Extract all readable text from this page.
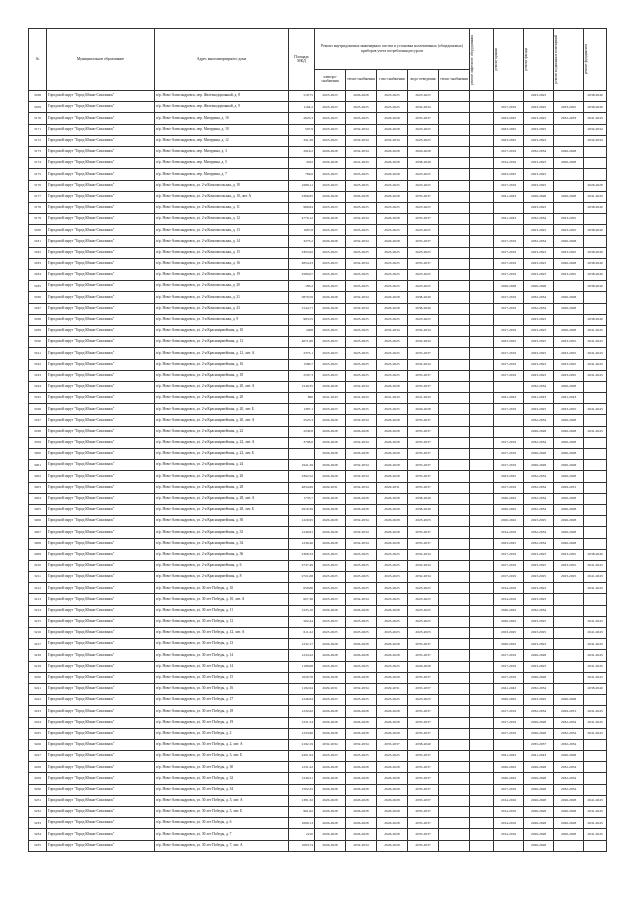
№	Муниципальное образование	Адрес многоквартирного дома	Площадь МКД	Ремонт внутридомовых инженерных систем и установка коллективных (общедомовых) приборов учета потребления ресурсов					ремонт лифтового оборудования	ремонт крыши	ремонт фасада	ремонт подвальных помещений	ремонт фундамента

				электро-снабжения	тепло-снабжения	газо-снабжения	водо-отведения	тепло-снабжения					
3168	Городской округ "Город Южно-Сахалинск"	п/р. Ново-Александровск, пер. Железнодорожный, д. 8	518,75	2023-2025	2026-2028	2023-2025	2023-2025				2023-2025		2038-2040
3169	Городской округ "Город Южно-Сахалинск"	п/р. Ново-Александровск, пер. Железнодорожный, д. 9	1164,2	2023-2025	2023-2025	2023-2025	2032-2034			2017-2019	2023-2025	2023-2025	2038-2040
3170	Городской округ "Город Южно-Сахалинск"	п/р. Ново-Александровск, пер. Мичурина, д. 10	2625,3	2023-2025	2023-2025	2026-2028	2035-2037			2023-2025	2023-2025	2032-2033	2041-2043
3171	Городской округ "Город Южно-Сахалинск"	п/р. Ново-Александровск, пер. Мичурина, д. 10	507,9	2023-2025	2032-2034	2026-2028	2023-2025			2023-2025	2023-2025		2032-2034
3172	Городской округ "Город Южно-Сахалинск"	п/р. Ново-Александровск, пер. Мичурина, д. 12	341,28	2023-2025	2032-2034	2032-2034	2023-2025			2023-2025	2023-2025		2032-2034
3173	Городской округ "Город Южно-Сахалинск"	п/р. Ново-Александровск, пер. Мичурина, д. 3	2916,2	2026-2028	2032-2034	2026-2028	2026-2028			2017-2019	2032-2034	2026-2028	
3174	Городской округ "Город Южно-Сахалинск"	п/р. Ново-Александровск, пер. Мичурина, д. 5	3432	2026-2028	2041-2043	2026-2028	2038-2040			2014-2016	2023-2025	2026-2028	
3175	Городской округ "Город Южно-Сахалинск"	п/р. Ново-Александровск, пер. Мичурина, д. 7	769,6	2023-2025	2023-2025	2026-2028	2023-2025			2023-2025	2023-2025		
3176	Городской округ "Город Южно-Сахалинск"	п/р. Ново-Александровск, ул. 2-я Комсомольская, д. 10	2288,11	2023-2025	2023-2025	2023-2025	2023-2025			2017-2019	2023-2025		2026-2028
3177	Городской округ "Город Южно-Сахалинск"	п/р. Ново-Александровск, ул. 2-я Комсомольская, д. 10, лит. А	2366,85	2026-2028	2026-2028	2026-2028	2035-2037			2041-2043	2026-2028	2026-2028	2041-2043
3178	Городской округ "Город Южно-Сахалинск"	п/р. Ново-Александровск, ул. 2-я Комсомольская, д. 11	988,84	2023-2025	2023-2025	2023-2025	2023-2025				2023-2025		2038-2040
3179	Городской округ "Город Южно-Сахалинск"	п/р. Ново-Александровск, ул. 2-я Комсомольская, д. 12	4770,12	2026-2028	2032-2034	2026-2028	2035-2037			2041-2043	2032-2034	2023-2025	
3180	Городской округ "Город Южно-Сахалинск"	п/р. Ново-Александровск, ул. 2-я Комсомольская, д. 13	1697,8	2023-2025	2023-2025	2023-2025	2023-2025				2023-2025	2023-2025	2038-2040
3181	Городской округ "Город Южно-Сахалинск"	п/р. Ново-Александровск, ул. 2-я Комсомольская, д. 14	3275,2	2026-2028	2032-2034	2026-2028	2035-2037			2017-2019	2032-2034	2026-2028	
3182	Городской округ "Город Южно-Сахалинск"	п/р. Ново-Александровск, ул. 2-я Комсомольская, д. 15	2303,92	2023-2025	2023-2025	2023-2025	2023-2025			2017-2019	2023-2025	2023-2025	2038-2040
3183	Городской округ "Город Южно-Сахалинск"	п/р. Ново-Александровск, ул. 2-я Комсомольская, д. 16	2854,23	2023-2025	2032-2034	2023-2025	2035-2037			2017-2019	2023-2025	2026-2028	2038-2040
3184	Городской округ "Город Южно-Сахалинск"	п/р. Ново-Александровск, ул. 2-я Комсомольская, д. 19	2580,07	2023-2025	2023-2025	2023-2025	2023-2025			2017-2019	2023-2025	2023-2025	2038-2040
3185	Городской округ "Город Южно-Сахалинск"	п/р. Ново-Александровск, ул. 2-я Комсомольская, д. 20	183,2	2023-2025	2023-2025	2023-2025	2023-2025			2026-2028	2026-2028		2038-2040
3186	Городской округ "Город Южно-Сахалинск"	п/р. Ново-Александровск, ул. 2-я Комсомольская, д. 21	5870,59	2026-2028	2032-2034	2026-2028	2038-2040			2017-2019	2032-2034	2026-2028	
3187	Городской округ "Город Южно-Сахалинск"	п/р. Ново-Александровск, ул. 2-я Комсомольская, д. 23	5144,71	2026-2028	2032-2034	2026-2028	2038-2040			2017-2019	2032-2034	2026-2028	
3188	Городской округ "Город Южно-Сахалинск"	п/р. Ново-Александровск, ул. 3-я Комсомольская, д. 9	983,55	2023-2025	2023-2025	2023-2025	2023-2025				2023-2025		2038-2040
3189	Городской округ "Город Южно-Сахалинск"	п/р. Ново-Александровск, ул. 2-я Красноармейская, д. 10	2408	2023-2025	2023-2025	2032-2034	2032-2034			2017-2019	2023-2025	2026-2028	2041-2043
3190	Городской округ "Город Южно-Сахалинск"	п/р. Ново-Александровск, ул. 2-я Красноармейская, д. 12	4071,06	2023-2025	2023-2025	2023-2025	2032-2034			2023-2025	2023-2025	2023-2025	2041-2043
3191	Городской округ "Город Южно-Сахалинск"	п/р. Ново-Александровск, ул. 2-я Красноармейская, д. 12, лит. А	2375,1	2023-2025	2023-2025	2023-2025	2035-2037			2017-2019	2023-2025	2023-2025	2041-2043
3192	Городской округ "Город Южно-Сахалинск"	п/р. Ново-Александровск, ул. 2-я Красноармейская, д. 16	1580,7	2023-2025	2023-2025	2023-2025	2032-2034			2017-2019	2023-2025	2023-2025	2041-2043
3193	Городской округ "Город Южно-Сахалинск"	п/р. Ново-Александровск, ул. 2-я Красноармейская, д. 18	2597,3	2023-2025	2023-2025	2023-2025	2035-2037			2017-2019	2023-2025	2023-2025	2041-2043
3194	Городской округ "Город Южно-Сахалинск"	п/р. Ново-Александровск, ул. 2-я Красноармейская, д. 20, лит. А	1549,35	2026-2028	2032-2034	2026-2028	2035-2037				2032-2034	2026-2028	
3195	Городской округ "Город Южно-Сахалинск"	п/р. Ново-Александровск, ул. 2-я Красноармейская, д. 20	860	2041-2043	2041-2043	2041-2043	2041-2043			2041-2043	2041-2043	2041-2043	
3196	Городской округ "Город Южно-Сахалинск"	п/р. Ново-Александровск, ул. 2-я Красноармейская, д. 20, лит. Б	1387,1	2023-2025	2023-2025	2023-2025	2026-2028			2017-2019	2023-2025	2023-2025	2041-2043
3197	Городской округ "Город Южно-Сахалинск"	п/р. Ново-Александровск, ул. 2-я Красноармейская, д. 20, лит. А	2525,3	2026-2028	2032-2034	2026-2028	2035-2037				2032-2034	2026-2028	
3198	Городской округ "Город Южно-Сахалинск"	п/р. Ново-Александровск, ул. 2-я Красноармейская, д. 22	2230,8	2026-2028	2026-2028	2026-2028	2035-2037				2026-2028	2026-2028	2041-2043
3199	Городской округ "Город Южно-Сахалинск"	п/р. Ново-Александровск, ул. 2-я Красноармейская, д. 22, лит. А	3708,6	2026-2028	2032-2034	2026-2028	2035-2037			2017-2019	2032-2034	2026-2028	
3200	Городской округ "Город Южно-Сахалинск"	п/р. Ново-Александровск, ул. 2-я Красноармейская, д. 22, лит. Б		2026-2028	2026-2028	2026-2028	2035-2037			2017-2019	2026-2028	2026-2028	
3201	Городской округ "Город Южно-Сахалинск"	п/р. Ново-Александровск, ул. 2-я Красноармейская, д. 24	1941,29	2026-2028	2032-2034	2026-2028	2035-2037			2017-2019	2026-2028	2026-2028	
3202	Городской округ "Город Южно-Сахалинск"	п/р. Ново-Александровск, ул. 2-я Красноармейская, д. 26	3392,52	2026-2028	2032-2034	2026-2028	2035-2037			2023-2025	2032-2034	2026-2028	
3203	Городской округ "Город Южно-Сахалинск"	п/р. Ново-Александровск, ул. 2-я Красноармейская, д. 28	4834,69	2029-2031	2032-2034	2029-2031	2035-2037			2017-2019	2032-2034	2029-2031	
3204	Городской округ "Город Южно-Сахалинск"	п/р. Ново-Александровск, ул. 2-я Красноармейская, д. 28, лит. А	1735,7	2026-2028	2026-2028	2026-2028	2038-2040			2020-2022	2032-2034	2026-2028	
3205	Городской округ "Город Южно-Сахалинск"	п/р. Ново-Александровск, ул. 2-я Красноармейская, д. 28, лит. Б	2916,39	2026-2028	2026-2028	2026-2028	2038-2040			2020-2022	2032-2034	2026-2028	
3206	Городской округ "Город Южно-Сахалинск"	п/р. Ново-Александровск, ул. 2-я Красноармейская, д. 30	1229,95	2026-2028	2032-2034	2026-2028	2023-2025			2020-2022	2023-2025	2026-2028	
3207	Городской округ "Город Южно-Сахалинск"	п/р. Ново-Александровск, ул. 2-я Красноармейская, д. 32	1240,81	2026-2028	2032-2034	2026-2028	2035-2037			2014-2016	2032-2034	2026-2028	
3208	Городской округ "Город Южно-Сахалинск"	п/р. Ново-Александровск, ул. 2-я Красноармейская, д. 34	1236,46	2026-2028	2032-2034	2026-2028	2035-2037			2023-2025	2032-2034	2026-2028	
3209	Городской округ "Город Южно-Сахалинск"	п/р. Ново-Александровск, ул. 2-я Красноармейская, д. 36	2308,33	2023-2025	2023-2025	2023-2025	2032-2034			2017-2019	2023-2025	2023-2025	2038-2040
3210	Городской округ "Город Южно-Сахалинск"	п/р. Ново-Александровск, ул. 2-я Красноармейская, д. 6	2737,49	2023-2025	2023-2025	2023-2025	2032-2034			2017-2019	2023-2025	2023-2025	2041-2043
3211	Городской округ "Город Южно-Сахалинск"	п/р. Ново-Александровск, ул. 2-я Красноармейская, д. 8	2721,68	2023-2025	2023-2025	2023-2025	2032-2034			2017-2019	2023-2025	2023-2025	2041-2043
3212	Городской округ "Город Южно-Сахалинск"	п/р. Ново-Александровск, ул. 30 лет Победы, д. 10	658,86	2023-2025	2023-2025	2023-2025	2023-2025			2014-2016	2023-2025		2041-2043
3213	Городской округ "Город Южно-Сахалинск"	п/р. Ново-Александровск, ул. 30 лет Победы, д. 10, лит. А	607,36	2023-2025	2032-2034	2023-2025	2023-2025			2014-2016	2023-2025		
3214	Городской округ "Город Южно-Сахалинск"	п/р. Ново-Александровск, ул. 30 лет Победы, д. 11	1225,16	2026-2028	2026-2028	2026-2028	2023-2025			2020-2022	2032-2034		
3215	Городской округ "Город Южно-Сахалинск"	п/р. Ново-Александровск, ул. 30 лет Победы, д. 12	562,44	2023-2025	2023-2025	2023-2025	2023-2025			2020-2022	2023-2025		2041-2043
3216	Городской округ "Город Южно-Сахалинск"	п/р. Ново-Александровск, ул. 30 лет Победы, д. 12, лит. А	611,22	2023-2025	2023-2025	2023-2025	2023-2025			2023-2025	2023-2025		2041-2043
3217	Городской округ "Город Южно-Сахалинск"	п/р. Ново-Александровск, ул. 30 лет Победы, д. 13	1232,17	2026-2028	2026-2028	2026-2028	2035-2037			2020-2022	2023-2025		2041-2043
3218	Городской округ "Город Южно-Сахалинск"	п/р. Ново-Александровск, ул. 30 лет Победы, д. 14	1234,22	2026-2028	2026-2028	2026-2028	2035-2037			2017-2019	2026-2028		2041-2043
3219	Городской округ "Город Южно-Сахалинск"	п/р. Ново-Александровск, ул. 30 лет Победы, д. 14	1188,68	2023-2025	2023-2025	2023-2025	2026-2028			2017-2019	2023-2025		2041-2043
3220	Городской округ "Город Южно-Сахалинск"	п/р. Ново-Александровск, ул. 30 лет Победы, д. 15	1020,78	2026-2028	2026-2028	2026-2028	2035-2037			2017-2019	2026-2028		2041-2043
3221	Городской округ "Город Южно-Сахалинск"	п/р. Ново-Александровск, ул. 30 лет Победы, д. 16	1182,64	2029-2031	2032-2034	2029-2031	2035-2037			2041-2043	2032-2034		2038-2040
3222	Городской округ "Город Южно-Сахалинск"	п/р. Ново-Александровск, ул. 30 лет Победы, д. 17	1246,63	2023-2025	2023-2025	2023-2025	2023-2025			2020-2022	2023-2025	2026-2028	
3223	Городской округ "Город Южно-Сахалинск"	п/р. Ново-Александровск, ул. 30 лет Победы, д. 18	1232,62	2026-2028	2026-2028	2026-2028	2035-2037			2017-2019	2032-2034	2029-2031	2041-2043
3224	Городской округ "Город Южно-Сахалинск"	п/р. Ново-Александровск, ул. 30 лет Победы, д. 19	1231,54	2026-2028	2026-2028	2026-2028	2035-2037			2017-2019	2026-2028	2032-2034	2041-2043
3225	Городской округ "Город Южно-Сахалинск"	п/р. Ново-Александровск, ул. 30 лет Победы, д. 2	1233,66	2026-2028	2026-2028	2026-2028	2035-2037			2017-2019	2026-2028	2032-2034	2041-2043
3226	Городской округ "Город Южно-Сахалинск"	п/р. Ново-Александровск, ул. 30 лет Победы, д. 2, лит. А	2192,19	2032-2034	2032-2034	2035-2037	2038-2040				2035-2037	2032-2034	
3227	Городской округ "Город Южно-Сахалинск"	п/р. Ново-Александровск, ул. 30 лет Победы, д. 3, лит. Б	2201,94	2023-2025	2023-2025	2023-2025	2035-2037			2041-2043	2041-2043	2026-2028	
3228	Городской округ "Город Южно-Сахалинск"	п/р. Ново-Александровск, ул. 30 лет Победы, д. 30	1231,22	2026-2028	2026-2028	2026-2028	2035-2037			2020-2022	2026-2028	2032-2034	
3229	Городской округ "Город Южно-Сахалинск"	п/р. Ново-Александровск, ул. 30 лет Победы, д. 32	1249,21	2026-2028	2026-2028	2026-2028	2035-2037			2020-2022	2026-2028	2032-2034	
3230	Городской округ "Город Южно-Сахалинск"	п/р. Ново-Александровск, ул. 30 лет Победы, д. 34	1502,25	2026-2028	2026-2028	2026-2028	2035-2037			2017-2019	2026-2028	2032-2034	
3231	Городской округ "Город Южно-Сахалинск"	п/р. Ново-Александровск, ул. 30 лет Победы, д. 5, лит. А	1381,32	2026-2028	2026-2028	2026-2028	2035-2037			2014-2016	2026-2028	2026-2028	2041-2043
3232	Городской округ "Город Южно-Сахалинск"	п/р. Ново-Александровск, ул. 30 лет Победы, д. 5, лит. Б	961,62	2026-2028	2026-2028	2026-2028	2035-2037			2014-2016	2026-2028	2026-2028	2041-2043
3233	Городской округ "Город Южно-Сахалинск"	п/р. Ново-Александровск, ул. 30 лет Победы, д. 6	1068,13	2026-2028	2026-2028	2026-2028	2035-2037			2014-2016	2026-2028	2026-2028	2041-2043
3234	Городской округ "Город Южно-Сахалинск"	п/р. Ново-Александровск, ул. 30 лет Победы, д. 7	2210	2026-2028	2026-2028	2026-2028	2035-2037			2014-2016	2026-2028	2026-2028	2041-2043
3235	Городской округ "Город Южно-Сахалинск"	п/р. Ново-Александровск, ул. 30 лет Победы, д. 7, лит. А	1083,74	2026-2028	2032-2034	2026-2028	2035-2037				2026-2028		
